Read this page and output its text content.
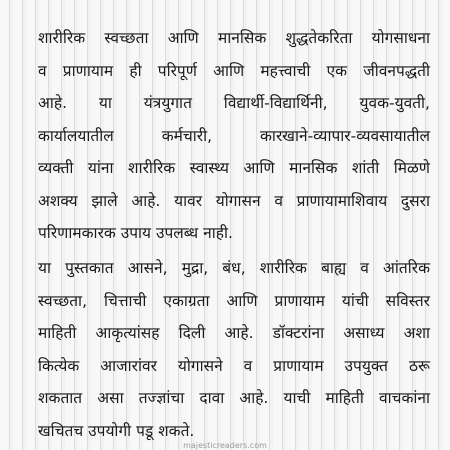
शारीरिक स्वच्छता आणि मानसिक शुद्धतेकरिता योगसाधना
व प्राणायाम ही परिपूर्ण आणि महत्त्वाची एक जीवनपद्धती
आहे. या यंत्रयुगात विद्यार्थी-विद्यार्थिनी, युवक-युवती,
कार्यालयातील कर्मचारी, कारखाने-व्यापार-व्यवसायातील
व्यक्ती यांना शारीरिक स्वास्थ्य आणि मानसिक शांती मिळणे
अशक्य झाले आहे. यावर योगासन व प्राणायामाशिवाय दुसरा
परिणामकारक उपाय उपलब्ध नाही.
या पुस्तकात आसने, मुद्रा, बंध, शारीरिक बाह्य व आंतरिक
स्वच्छता, चित्ताची एकाग्रता आणि प्राणायाम यांची सविस्तर
माहिती आकृत्यांसह दिली आहे. डॉक्टरांना असाध्य अशा
कित्येक आजारांवर योगासने व प्राणायाम उपयुक्त ठरू
शकतात असा तज्ज्ञांचा दावा आहे. याची माहिती वाचकांना
खचितच उपयोगी पडू शकते.
majesticreaders.com
